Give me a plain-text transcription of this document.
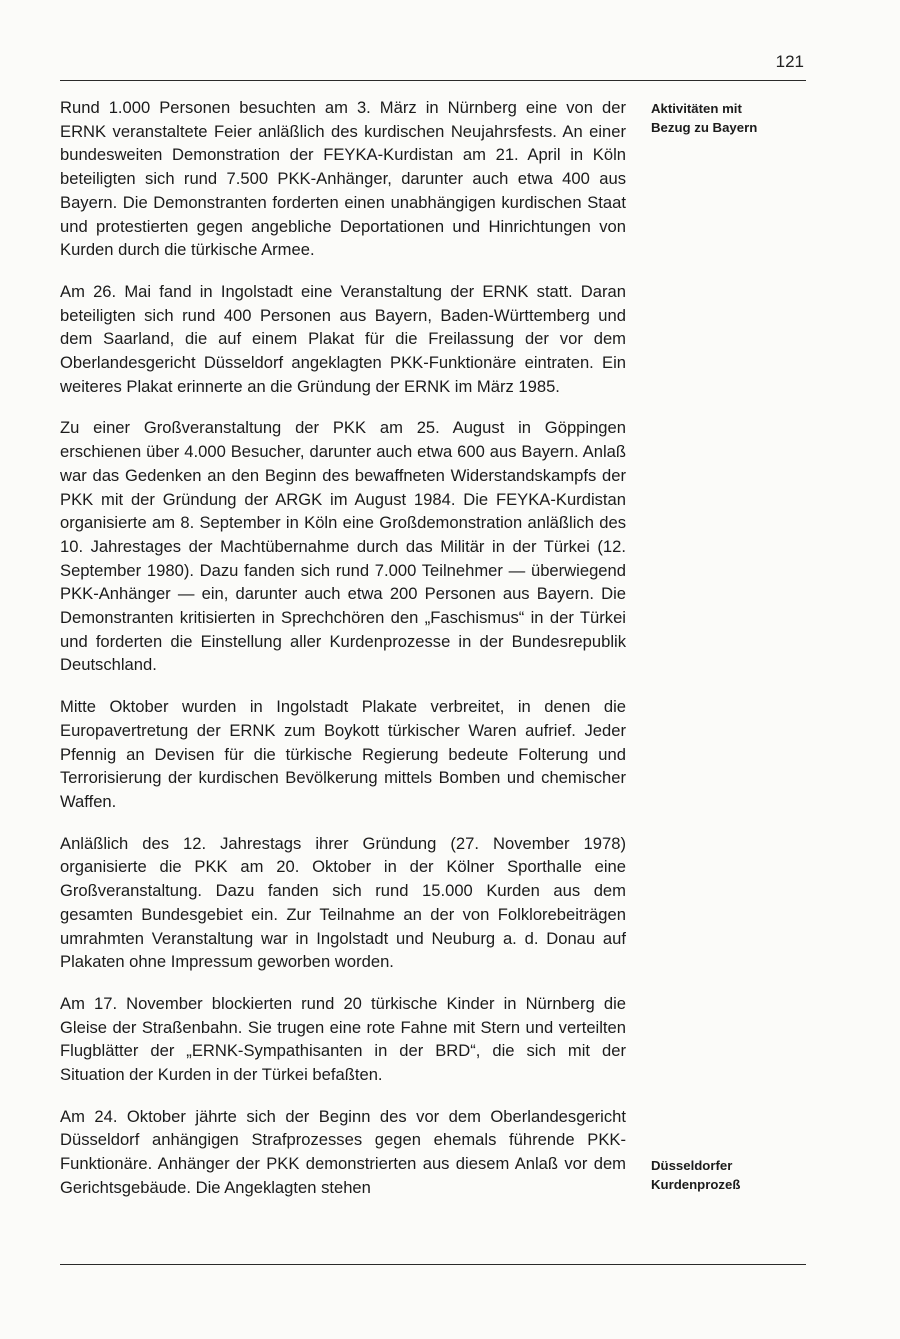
121

Rund 1.000 Personen besuchten am 3. März in Nürnberg eine von der ERNK veranstaltete Feier anläßlich des kurdischen Neujahrsfests. An einer bundesweiten Demonstration der FEYKA-Kurdistan am 21. April in Köln beteiligten sich rund 7.500 PKK-Anhänger, darunter auch etwa 400 aus Bayern. Die Demonstranten forderten einen unabhängigen kurdischen Staat und protestierten gegen angebliche Deportationen und Hinrichtungen von Kurden durch die türkische Armee.

Am 26. Mai fand in Ingolstadt eine Veranstaltung der ERNK statt. Daran beteiligten sich rund 400 Personen aus Bayern, Baden-Württemberg und dem Saarland, die auf einem Plakat für die Freilassung der vor dem Oberlandesgericht Düsseldorf angeklagten PKK-Funktionäre eintraten. Ein weiteres Plakat erinnerte an die Gründung der ERNK im März 1985.

Zu einer Großveranstaltung der PKK am 25. August in Göppingen erschienen über 4.000 Besucher, darunter auch etwa 600 aus Bayern. Anlaß war das Gedenken an den Beginn des bewaffneten Widerstandskampfs der PKK mit der Gründung der ARGK im August 1984. Die FEYKA-Kurdistan organisierte am 8. September in Köln eine Großdemonstration anläßlich des 10. Jahrestages der Machtübernahme durch das Militär in der Türkei (12. September 1980). Dazu fanden sich rund 7.000 Teilnehmer — überwiegend PKK-Anhänger — ein, darunter auch etwa 200 Personen aus Bayern. Die Demonstranten kritisierten in Sprechchören den „Faschismus“ in der Türkei und forderten die Einstellung aller Kurdenprozesse in der Bundesrepublik Deutschland.

Mitte Oktober wurden in Ingolstadt Plakate verbreitet, in denen die Europavertretung der ERNK zum Boykott türkischer Waren aufrief. Jeder Pfennig an Devisen für die türkische Regierung bedeute Folterung und Terrorisierung der kurdischen Bevölkerung mittels Bomben und chemischer Waffen.

Anläßlich des 12. Jahrestags ihrer Gründung (27. November 1978) organisierte die PKK am 20. Oktober in der Kölner Sporthalle eine Großveranstaltung. Dazu fanden sich rund 15.000 Kurden aus dem gesamten Bundesgebiet ein. Zur Teilnahme an der von Folklorebeiträgen umrahmten Veranstaltung war in Ingolstadt und Neuburg a. d. Donau auf Plakaten ohne Impressum geworben worden.

Am 17. November blockierten rund 20 türkische Kinder in Nürnberg die Gleise der Straßenbahn. Sie trugen eine rote Fahne mit Stern und verteilten Flugblätter der „ERNK-Sympathisanten in der BRD“, die sich mit der Situation der Kurden in der Türkei befaßten.

Am 24. Oktober jährte sich der Beginn des vor dem Oberlandesgericht Düsseldorf anhängigen Strafprozesses gegen ehemals führende PKK-Funktionäre. Anhänger der PKK demonstrierten aus diesem Anlaß vor dem Gerichtsgebäude. Die Angeklagten stehen

Aktivitäten mit
Bezug zu Bayern
Düsseldorfer
Kurdenprozeß
